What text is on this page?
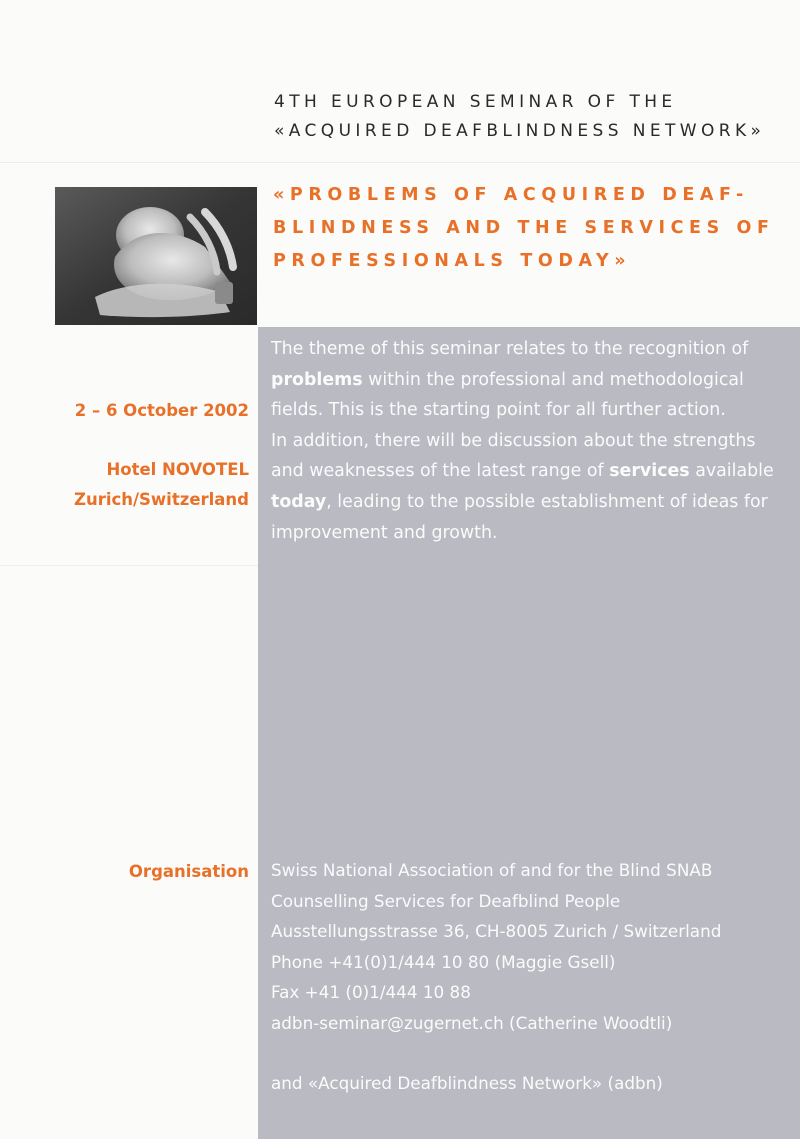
4TH EUROPEAN SEMINAR OF THE
«ACQUIRED DEAFBLINDNESS NETWORK»
«PROBLEMS OF ACQUIRED DEAF-
BLINDNESS AND THE SERVICES OF
PROFESSIONALS TODAY»
The theme of this seminar relates to the recognition of
problems within the professional and methodological
fields. This is the starting point for all further action.
In addition, there will be discussion about the strengths
and weaknesses of the latest range of services available
today, leading to the possible establishment of ideas for
improvement and growth.
2 – 6 October 2002
Hotel NOVOTEL
Zurich/Switzerland
Organisation Swiss National Association of and for the Blind SNAB
Counselling Services for Deafblind People
Ausstellungsstrasse 36, CH-8005 Zurich / Switzerland
Phone +41(0)1/444 10 80 (Maggie Gsell)
Fax +41 (0)1/444 10 88
adbn-seminar@zugernet.ch (Catherine Woodtli)
and «Acquired Deafblindness Network» (adbn)
